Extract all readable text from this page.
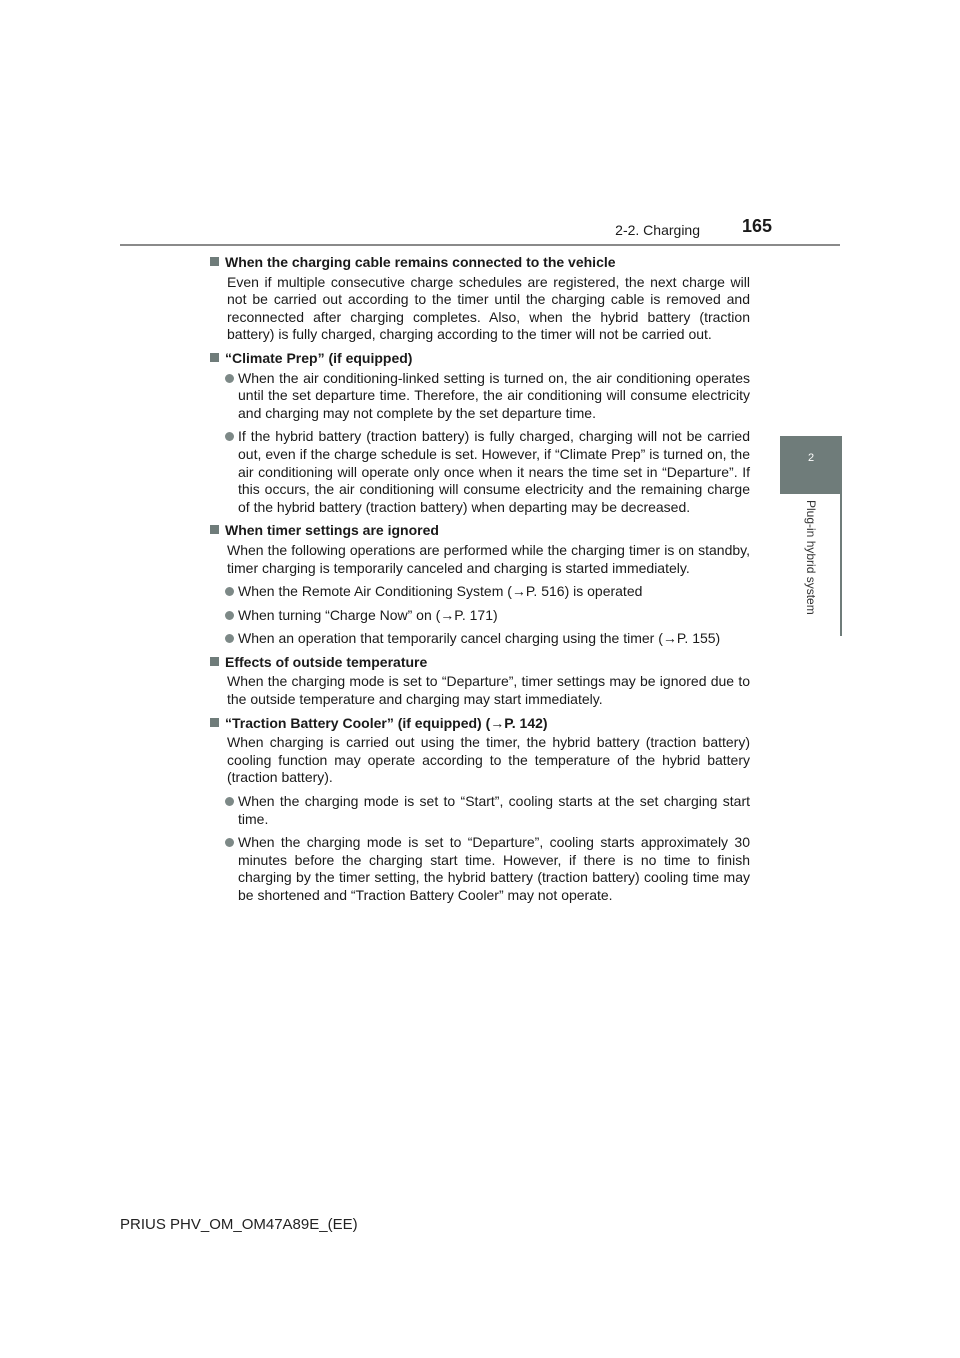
2-2. Charging 165
2
Plug-in hybrid system
When the charging cable remains connected to the vehicle
Even if multiple consecutive charge schedules are registered, the next charge will not be carried out according to the timer until the charging cable is removed and reconnected after charging completes. Also, when the hybrid battery (traction battery) is fully charged, charging according to the timer will not be carried out.
“Climate Prep” (if equipped)
When the air conditioning-linked setting is turned on, the air conditioning operates until the set departure time. Therefore, the air conditioning will consume electricity and charging may not complete by the set departure time.
If the hybrid battery (traction battery) is fully charged, charging will not be carried out, even if the charge schedule is set. However, if “Climate Prep” is turned on, the air conditioning will operate only once when it nears the time set in “Departure”. If this occurs, the air conditioning will consume electricity and the remaining charge of the hybrid battery (traction battery) when departing may be decreased.
When timer settings are ignored
When the following operations are performed while the charging timer is on standby, timer charging is temporarily canceled and charging is started immediately.
When the Remote Air Conditioning System (→P. 516) is operated
When turning “Charge Now” on (→P. 171)
When an operation that temporarily cancel charging using the timer (→P. 155)
Effects of outside temperature
When the charging mode is set to “Departure”, timer settings may be ignored due to the outside temperature and charging may start immediately.
“Traction Battery Cooler” (if equipped) (→P. 142)
When charging is carried out using the timer, the hybrid battery (traction battery) cooling function may operate according to the temperature of the hybrid battery (traction battery).
When the charging mode is set to “Start”, cooling starts at the set charging start time.
When the charging mode is set to “Departure”, cooling starts approximately 30 minutes before the charging start time. However, if there is no time to finish charging by the timer setting, the hybrid battery (traction battery) cooling time may be shortened and “Traction Battery Cooler” may not operate.
PRIUS PHV_OM_OM47A89E_(EE)
